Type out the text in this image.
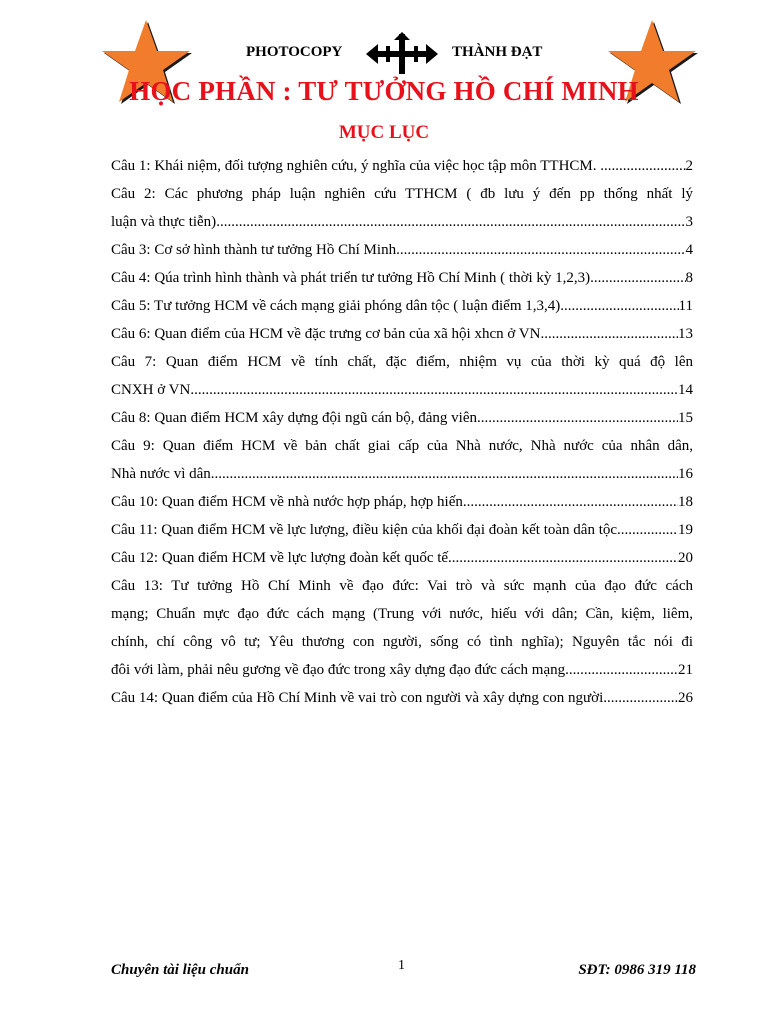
PHOTOCOPY	THÀNH ĐẠT
HỌC PHẦN : TƯ TƯỞNG HỒ CHÍ MINH
MỤC LỤC
Câu 1: Khái niệm, đối tượng nghiên cứu, ý nghĩa của việc học tập môn TTHCM. ....... .....	2
Câu 2: Các phương pháp luận nghiên cứu TTHCM ( đb lưu ý đến pp thống nhất lý
luận và thực tiễn) .....	3
Câu 3: Cơ sở hình thành tư tưởng Hồ Chí Minh .....	4
Câu 4: Qúa trình hình thành và phát triển tư tưởng Hồ Chí Minh ( thời kỳ 1,2,3) .....	8
Câu 5: Tư tưởng HCM về cách mạng giải phóng dân tộc ( luận điểm 1,3,4) .....	11
Câu 6: Quan điểm của HCM về đặc trưng cơ bản của xã hội xhcn ở VN. .....	13
Câu 7: Quan điểm HCM về tính chất, đặc điểm, nhiệm vụ của thời kỳ quá độ lên
CNXH ở VN. .....	14
Câu 8: Quan điểm HCM xây dựng đội ngũ cán bộ, đảng viên. .....	15
Câu 9: Quan điểm HCM về bản chất giai cấp của Nhà nước, Nhà nước của nhân dân,
Nhà nước vì dân. .....	16
Câu 10: Quan điểm HCM về nhà nước hợp pháp, hợp hiến. .....	18
Câu 11: Quan điểm HCM về lực lượng, điều kiện của khối đại đoàn kết toàn dân tộc. .....	19
Câu 12: Quan điểm HCM về lực lượng đoàn kết quốc tế. .....	20
Câu 13: Tư tưởng Hồ Chí Minh về đạo đức: Vai trò và sức mạnh của đạo đức cách
mạng; Chuẩn mực đạo đức cách mạng (Trung với nước, hiếu với dân; Cần, kiệm, liêm,
chính, chí công vô tư; Yêu thương con người, sống có tình nghĩa); Nguyên tắc nói đi
đôi với làm, phải nêu gương về đạo đức trong xây dựng đạo đức cách mạng. .....	21
Câu 14: Quan điểm của Hồ Chí Minh về vai trò con người và xây dựng con người.... .....	26
Chuyên tài liệu chuẩn	1	SĐT: 0986 319 118
